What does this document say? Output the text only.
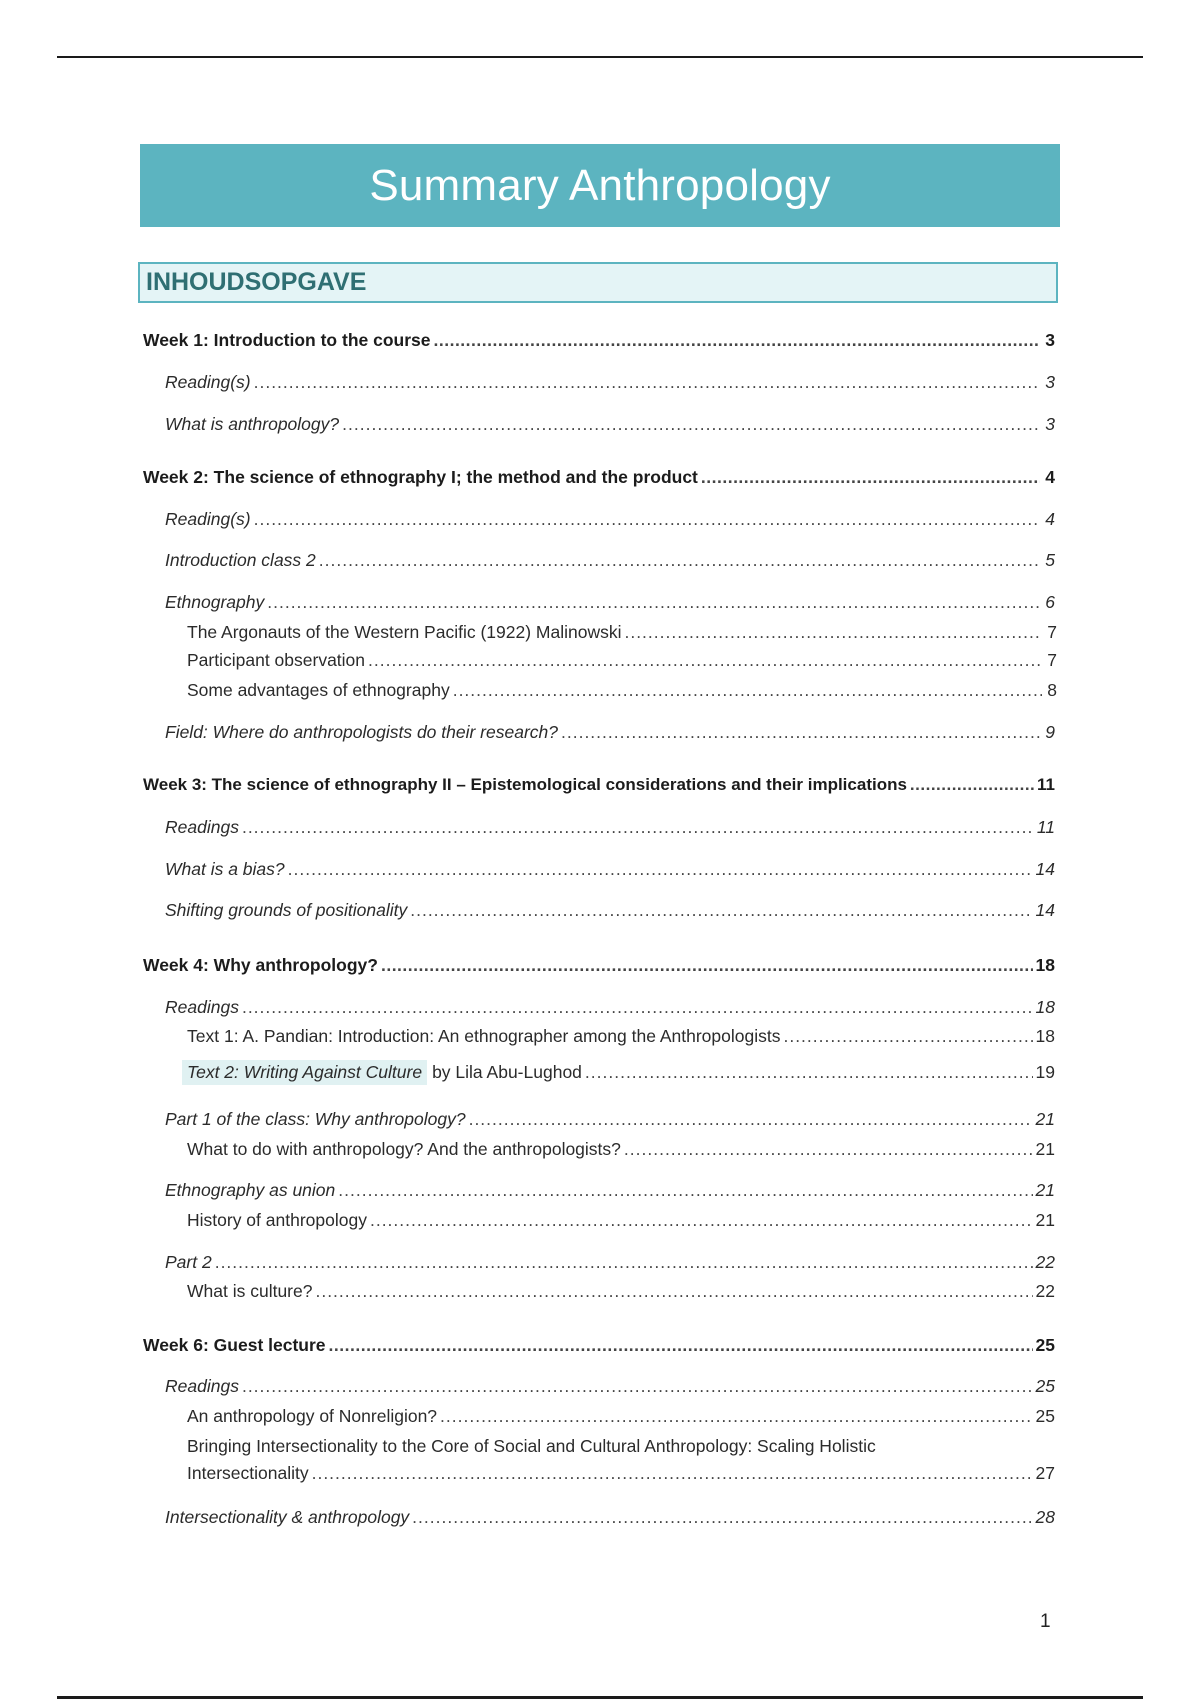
Summary Anthropology
INHOUDSOPGAVE
Week 1: Introduction to the course .....	3
Reading(s) .....	3
What is anthropology? .....	3
Week 2: The science of ethnography I; the method and the product .....	4
Reading(s) .....	4
Introduction class 2 .....	5
Ethnography .....	6
The Argonauts of the Western Pacific (1922) Malinowski .....	7
Participant observation .....	7
Some advantages of ethnography .....	8
Field: Where do anthropologists do their research? .....	9
Week 3: The science of ethnography II – Epistemological considerations and their implications .....	11
Readings .....	11
What is a bias? .....	14
Shifting grounds of positionality .....	14
Week 4: Why anthropology? .....	18
Readings .....	18
Text 1: A. Pandian: Introduction: An ethnographer among the Anthropologists .....	18
Text 2: Writing Against Culture by Lila Abu-Lughod .....	19
Part 1 of the class: Why anthropology? .....	21
What to do with anthropology? And the anthropologists? .....	21
Ethnography as union .....	21
History of anthropology .....	21
Part 2 .....	22
What is culture? .....	22
Week 6: Guest lecture .....	25
Readings .....	25
An anthropology of Nonreligion? .....	25
Bringing Intersectionality to the Core of Social and Cultural Anthropology: Scaling Holistic
Intersectionality .....	27
Intersectionality & anthropology .....	28
1
